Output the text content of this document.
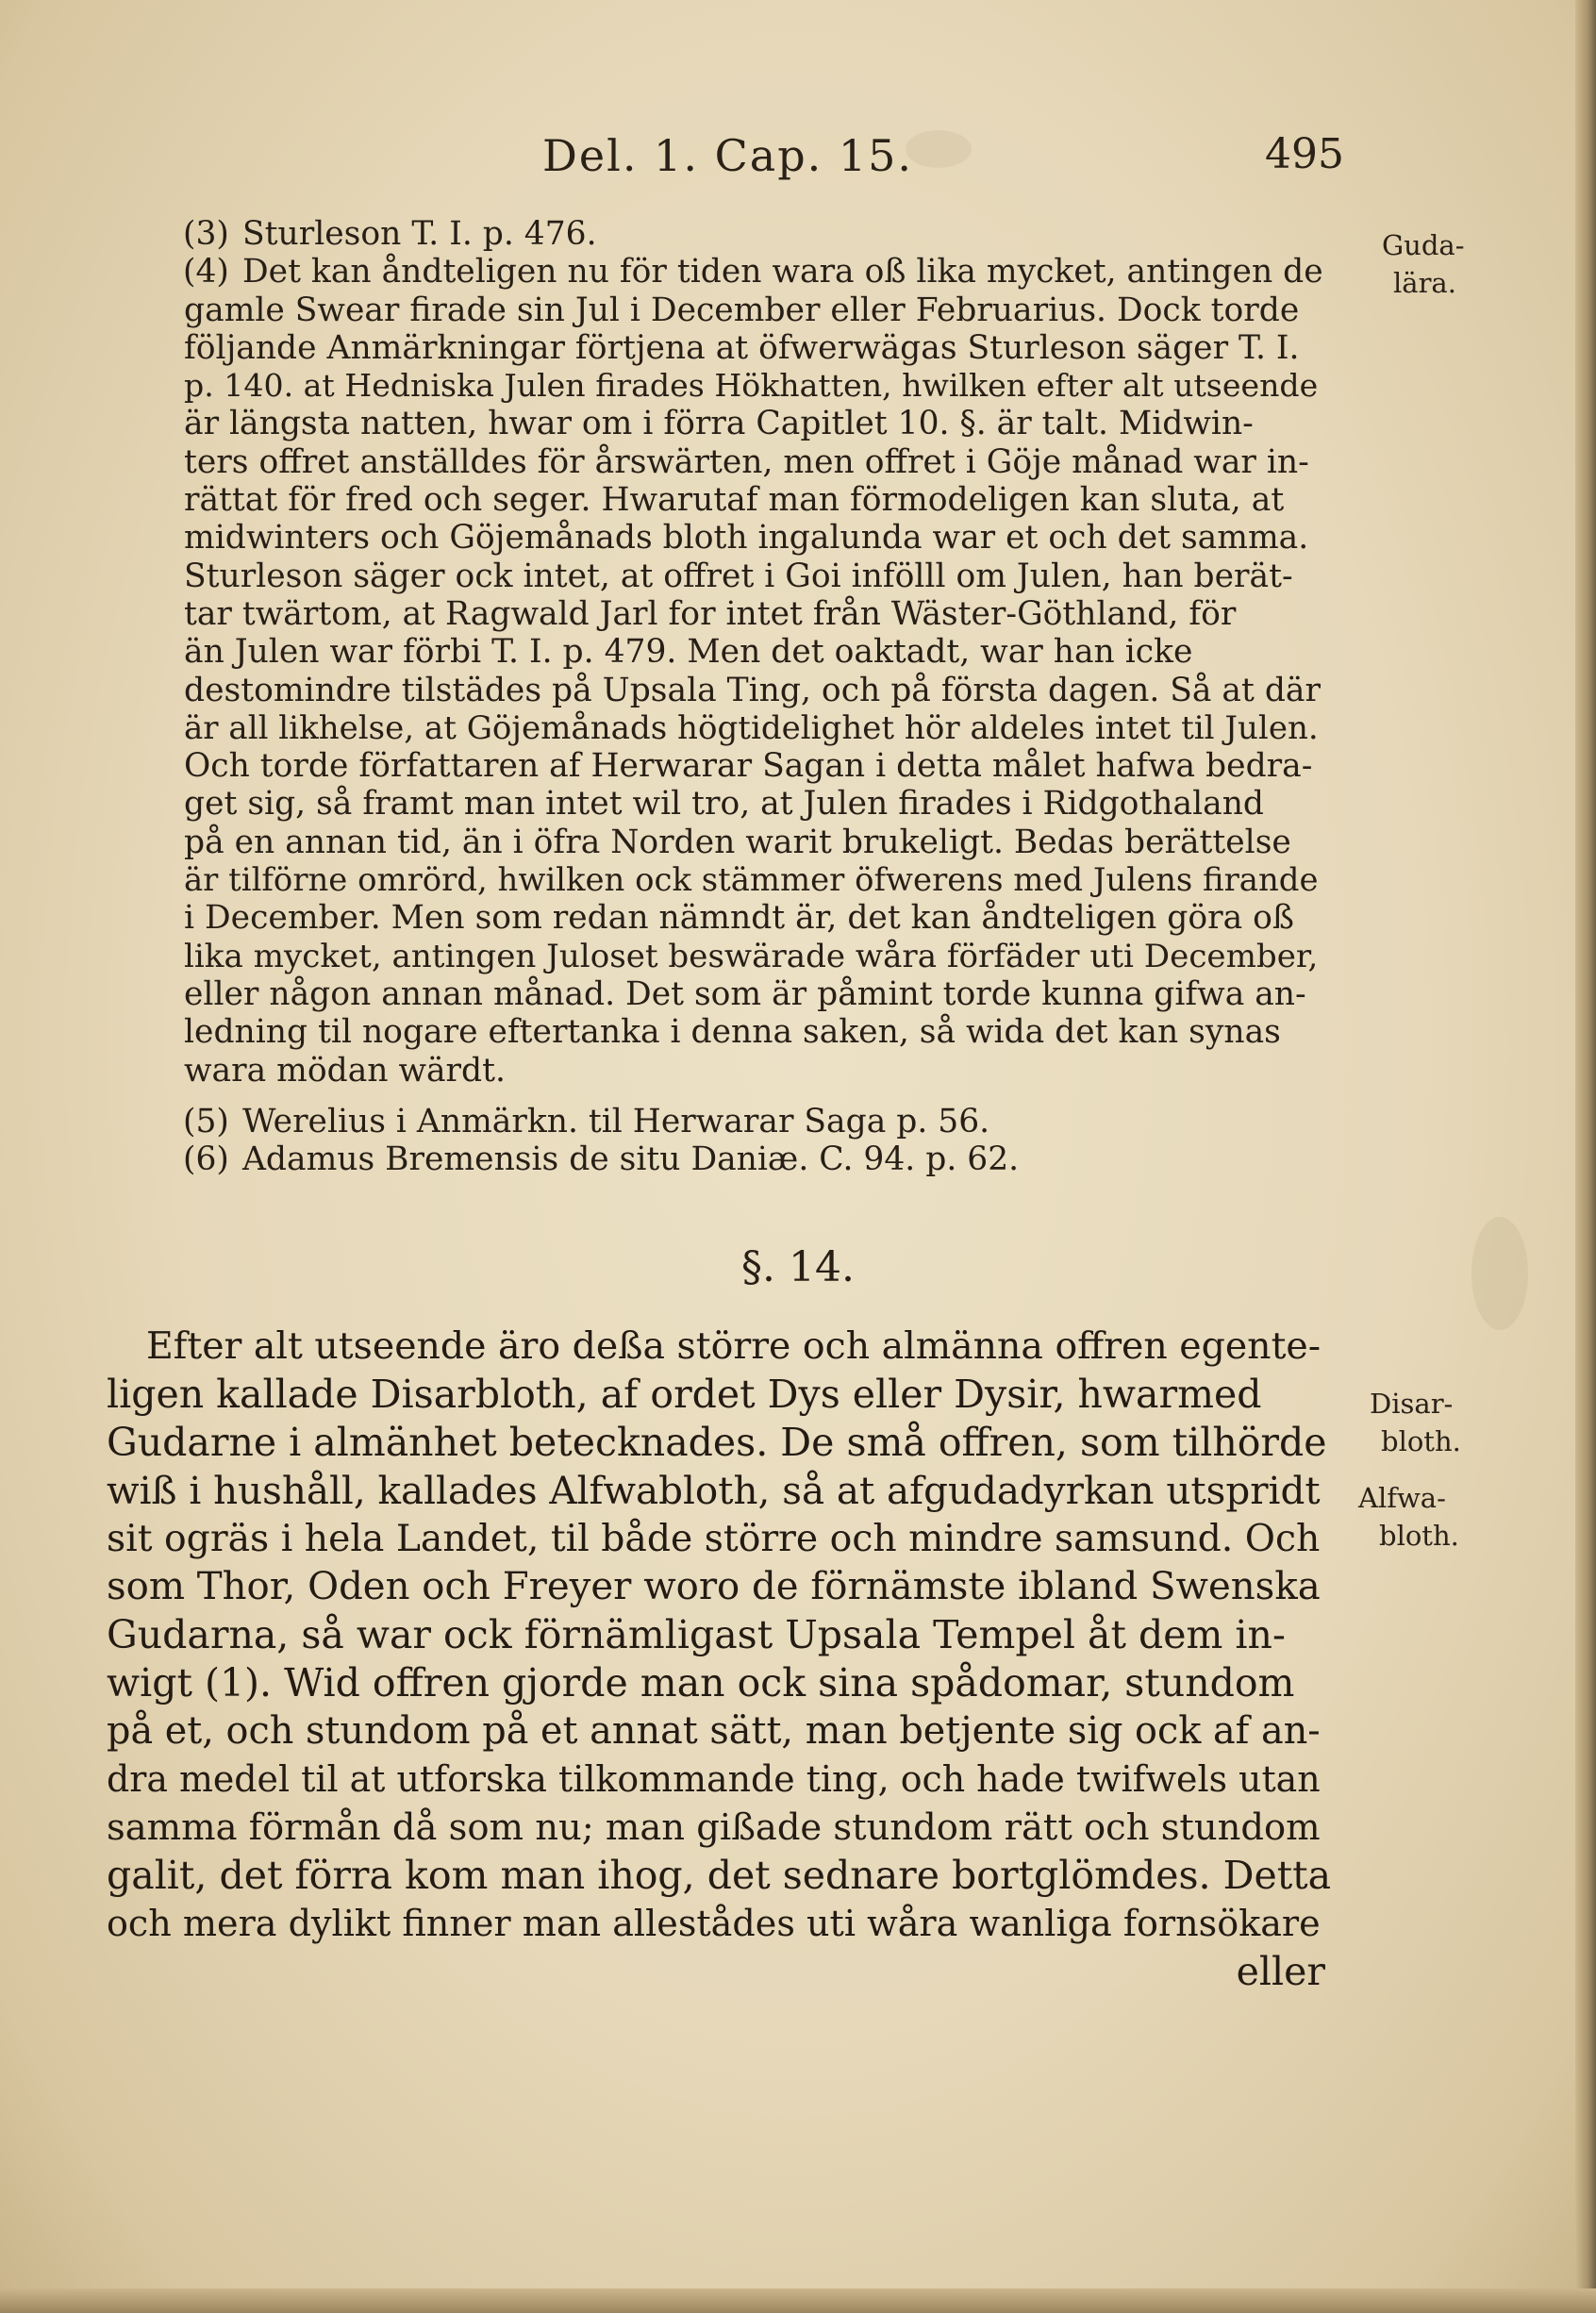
Del. 1. Cap. 15.	495
Guda-
lära.
(3) Sturleson T. I. p. 476.
(4) Det kan åndteligen nu för tiden wara oß lika mycket, antingen de
gamle Swear firade sin Jul i December eller Februarius. Dock torde
följande Anmärkningar förtjena at öfwerwägas Sturleson säger T. I.
p. 140. at Hedniska Julen firades Hökhatten, hwilken efter alt utseende
är längsta natten, hwar om i förra Capitlet 10. §. är talt. Midwin-
ters offret anställdes för årswärten, men offret i Göje månad war in-
rättat för fred och seger. Hwarutaf man förmodeligen kan sluta, at
midwinters och Göjemånads bloth ingalunda war et och det samma.
Sturleson säger ock intet, at offret i Goi infölll om Julen, han berät-
tar twärtom, at Ragwald Jarl for intet från Wäster-Göthland, för
än Julen war förbi T. I. p. 479. Men det oaktadt, war han icke
destomindre tilstädes på Upsala Ting, och på första dagen. Så at där
är all likhelse, at Göjemånads högtidelighet hör aldeles intet til Julen.
Och torde författaren af Herwarar Sagan i detta målet hafwa bedra-
get sig, så framt man intet wil tro, at Julen firades i Ridgothaland
på en annan tid, än i öfra Norden warit brukeligt. Bedas berättelse
är tilförne omrörd, hwilken ock stämmer öfwerens med Julens firande
i December. Men som redan nämndt är, det kan åndteligen göra oß
lika mycket, antingen Juloset beswärade wåra förfäder uti December,
eller någon annan månad. Det som är påmint torde kunna gifwa an-
ledning til nogare eftertanka i denna saken, så wida det kan synas
wara mödan wärdt.
(5) Werelius i Anmärkn. til Herwarar Saga p. 56.
(6) Adamus Bremensis de situ Daniæ. C. 94. p. 62.
§. 14.
Disar-
bloth.
Alfwa-
bloth.
Efter alt utseende äro deßa större och almänna offren egente-
ligen kallade Disarbloth, af ordet Dys eller Dysir, hwarmed
Gudarne i almänhet betecknades. De små offren, som tilhörde
wiß i hushåll, kallades Alfwabloth, så at afgudadyrkan utspridt
sit ogräs i hela Landet, til både större och mindre samsund. Och
som Thor, Oden och Freyer woro de förnämste ibland Swenska
Gudarna, så war ock förnämligast Upsala Tempel åt dem in-
wigt (1). Wid offren gjorde man ock sina spådomar, stundom
på et, och stundom på et annat sätt, man betjente sig ock af an-
dra medel til at utforska tilkommande ting, och hade twifwels utan
samma förmån då som nu; man gißade stundom rätt och stundom
galit, det förra kom man ihog, det sednare bortglömdes. Detta
och mera dylikt finner man allestådes uti wåra wanliga fornsökare
eller
